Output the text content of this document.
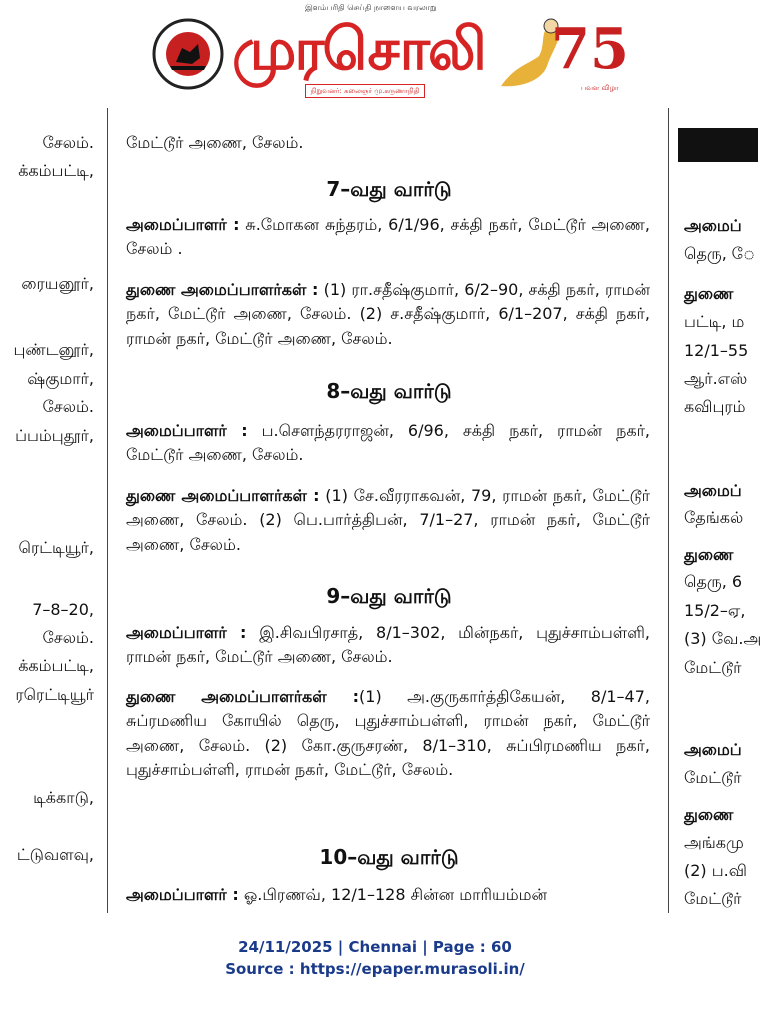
இளம்பரிதி செய்தி நாளைய வரலாறு
முரசொலி
நிறுவனர்: கலைஞர் மு.கருணாநிதி
75
பவள விழா
சேலம்.
க்கம்பட்டி,
ரையனூர்,
புண்டனூர்,
ஷ்குமார்,
சேலம்.
ப்பம்புதூர்,
ரெட்டியூர்,
7–8–20,
சேலம்.
க்கம்பட்டி,
ரரெட்டியூர்
டிக்காடு,
ட்டுவளவு,
மேட்டூர் அணை, சேலம்.
7–வது வார்டு
அமைப்பாளர் : சு.மோகன சுந்தரம், 6/1/96, சக்தி நகர், மேட்டூர் அணை, சேலம் .
துணை அமைப்பாளர்கள் : (1) ரா.சதீஷ்குமார், 6/2–90, சக்தி நகர், ராமன் நகர், மேட்டூர் அணை, சேலம். (2) ச.சதீஷ்குமார், 6/1–207, சக்தி நகர், ராமன் நகர், மேட்டூர் அணை, சேலம்.
8–வது வார்டு
அமைப்பாளர் : ப.செளந்தரராஜன், 6/96, சக்தி நகர், ராமன் நகர், மேட்டூர் அணை, சேலம்.
துணை அமைப்பாளர்கள் : (1) சே.வீரராகவன், 79, ராமன் நகர், மேட்டூர் அணை, சேலம். (2) பெ.பார்த்திபன், 7/1–27, ராமன் நகர், மேட்டூர் அணை, சேலம்.
9–வது வார்டு
அமைப்பாளர் : இ.சிவபிரசாத், 8/1–302, மின்நகர், புதுச்சாம்பள்ளி, ராமன் நகர், மேட்டூர் அணை, சேலம்.
துணை அமைப்பாளர்கள் :(1) அ.குருகார்த்திகேயன், 8/1–47, சுப்ரமணிய கோயில் தெரு, புதுச்சாம்பள்ளி, ராமன் நகர், மேட்டூர் அணை, சேலம். (2) கோ.குருசரண், 8/1–310, சுப்பிரமணிய நகர், புதுச்சாம்பள்ளி, ராமன் நகர், மேட்டூர், சேலம்.
10–வது வார்டு
அமைப்பாளர் : ஓ.பிரணவ், 12/1–128 சின்ன மாரியம்மன்
அமைப்
தெரு, ே
துணை
பட்டி, ம
12/1–55
ஆர்.எஸ்
கவிபுரம்
அமைப்
தேங்கல்
துணை
தெரு, 6
15/2–ஏ,
(3) வே.அ
மேட்டூர்
அமைப்
மேட்டூர்
துணை
அங்கமு
(2) ப.வி
மேட்டூர்
24/11/2025 | Chennai | Page : 60
Source : https://epaper.murasoli.in/
